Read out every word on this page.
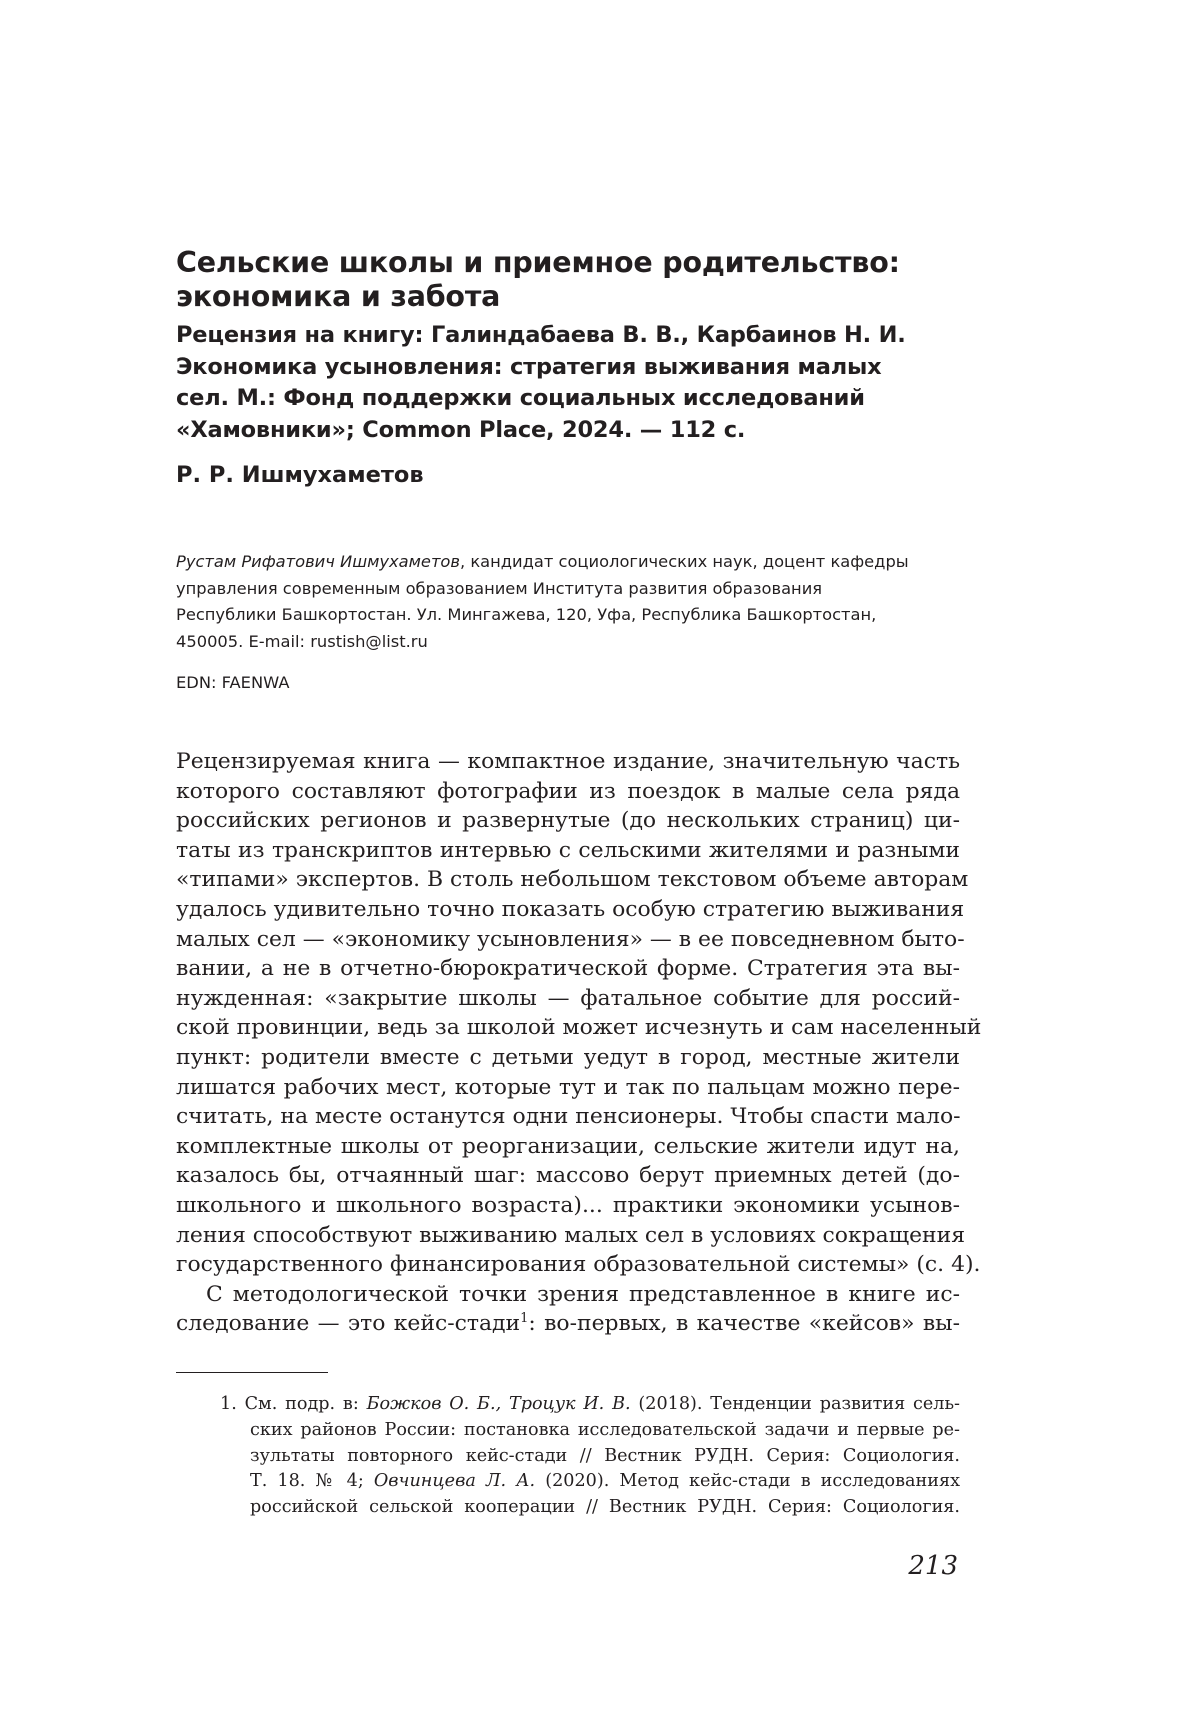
Сельские школы и приемное родительство:
экономика и забота
Рецензия на книгу: Галиндабаева В. В., Карбаинов Н. И.
Экономика усыновления: стратегия выживания малых
сел. М.: Фонд поддержки социальных исследований
«Хамовники»; Common Place, 2024. — 112 с.

Р. Р. Ишмухаметов

Рустам Рифатович Ишмухаметов, кандидат социологических наук, доцент кафедры
управления современным образованием Института развития образования
Республики Башкортостан. Ул. Мингажева, 120, Уфа, Республика Башкортостан,
450005. E-mail: rustish@list.ru

EDN: FAENWA

Рецензируемая книга — компактное издание, значительную часть
которого составляют фотографии из поездок в малые села ряда
российских регионов и развернутые (до нескольких страниц) ци-
таты из транскриптов интервью с сельскими жителями и разными
«типами» экспертов. В столь небольшом текстовом объеме авторам
удалось удивительно точно показать особую стратегию выживания
малых сел — «экономику усыновления» — в ее повседневном быто-
вании, а не в отчетно-бюрократической форме. Стратегия эта вы-
нужденная: «закрытие школы — фатальное событие для россий-
ской провинции, ведь за школой может исчезнуть и сам населенный
пункт: родители вместе с детьми уедут в город, местные жители
лишатся рабочих мест, которые тут и так по пальцам можно пере-
считать, на месте останутся одни пенсионеры. Чтобы спасти мало-
комплектные школы от реорганизации, сельские жители идут на,
казалось бы, отчаянный шаг: массово берут приемных детей (до-
школьного и школьного возраста)... практики экономики усынов-
ления способствуют выживанию малых сел в условиях сокращения
государственного финансирования образовательной системы» (с. 4).
С методологической точки зрения представленное в книге ис-
следование — это кейс-стади1: во-первых, в качестве «кейсов» вы-
1. См. подр. в: Божков О. Б., Троцук И. В. (2018). Тенденции развития сель-
ских районов России: постановка исследовательской задачи и первые ре-
зультаты повторного кейс-стади // Вестник РУДН. Серия: Социология.
Т. 18. № 4; Овчинцева Л. А. (2020). Метод кейс-стади в исследованиях
российской сельской кооперации // Вестник РУДН. Серия: Социология.

213
